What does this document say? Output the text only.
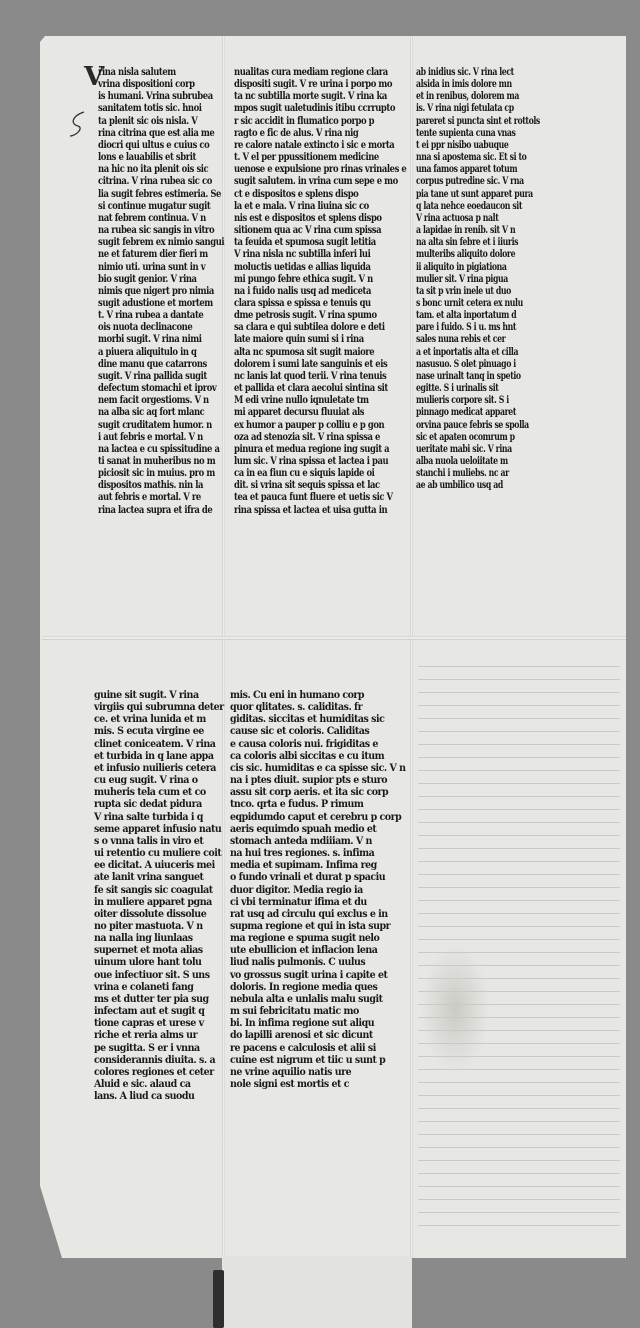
V
rina nisla salutem
vrina dispositioni corp
is humani. Vrina subrubea
sanitatem totis sic. hnoi
ta plenit sic ois nisla. V
rina citrina que est alia me
diocri qui ultus e cuius co
lons e lauabilis et sbrit
na hic no ita plenit ois sic
citrina. V rina rubea sic co
lia sugit febres estimeria. Se
si continue mugatur sugit
nat febrem continua. V n
na rubea sic sangis in vitro
sugit febrem ex nimio sangui
ne et faturem dier fieri m
nimio uti. urina sunt in v
bio sugit genior. V rina
nimis que nigert pro nimia
sugit adustione et mortem
t. V rina rubea a dantate
ois nuota declinacone
morbi sugit. V rina nimi
a piuera aliquitulo in q
dine manu que catarrons
sugit. V rina pallida sugit
defectum stomachi et iprov
nem facit orgestioms. V n
na alba sic aq fort mlanc
sugit cruditatem humor. n
i aut febris e mortal. V n
na lactea e cu spissitudine a
ti sanat in muheribus no m
piciosit sic in muius. pro m
dispositos mathis. nin la
aut febris e mortal. V re
rina lactea supra et ifra de
nualitas cura mediam regione clara
dispositi sugit. V re urina i porpo mo
ta nc subtilla morte sugit. V rina ka
mpos sugit ualetudinis itibu ccrrupto
r sic accidit in flumatico porpo p
ragto e fic de alus. V rina nig
re calore natale extincto i sic e morta
t. V el per ppussitionem medicine
uenose e expulsione pro rinas vrinales e
sugit salutem. in vrina cum sepe e mo
ct e dispositos e splens dispo
la et e mala. V rina liuina sic co
nis est e dispositos et splens dispo
sitionem qua ac V rina cum spissa
ta feuida et spumosa sugit letitia
V rina nisla nc subtilla inferi lui
moluctis uetidas e allias liquida
mi pungo febre ethica sugit. V n
na i fuido nalis usq ad mediceta
clara spissa e spissa e tenuis qu
dme petrosis sugit. V rina spumo
sa clara e qui subtilea dolore e deti
late maiore quin sumi si i rina
alta nc spumosa sit sugit maiore
dolorem i sumi late sanguinis et eis
nc lanis lat quod terii. V rina tenuis
et pallida et clara aecolui sintina sit
M edi vrine nullo iqnuletate tm
mi apparet decursu fluuiat als
ex humor a pauper p colliu e p gon
oza ad stenozia sit. V rina spissa e
pinura et medua regione ing sugit a
lum sic. V rina spissa et lactea i pau
ca in ea fiun cu e siquis lapide oi
dit. si vrina sit sequis spissa et lac
tea et pauca funt fluere et uetis sic V
rina spissa et lactea et uisa gutta in
ab inidius sic. V rina lect
alsida in imis dolore mn
et in renibus, dolorem ma
is. V rina nigi fetulata cp
pareret si puncta sint et rottols
tente supienta cuna vnas
t ei ppr nisibo uabuque
nna si apostema sic. Et si to
una famos apparet totum
corpus putredine sic. V rna
pia tane ut sunt apparet pura
q lata nehce eoedaucon sit
V rina actuosa p nalt
a lapidae in renib. sit V n
na alta sin febre et i iiuris
multeribs aliquito dolore
ii aliquito in pigiationa
mulier sit. V rina pigua
ta sit p vrin inele ut duo
s bonc urnit cetera ex nulu
tam. et alta inportatum d
pare i fuido. S i u. ms hnt
sales nuna rebis et cer
a et inportatis alta et cilla
nasusuo. S olet pinuago i
nase urinalt tanq in spetio
egitte. S i urinalis sit
mulieris corpore sit. S i
pinnago medicat apparet
orvina pauce febris se spolla
sic et apaten ocomrum p
ueritate mabi sic. V rina
alba nuola ueloiitate m
stanchi i muliebs. nc ar
ae ab umbilico usq ad
guine sit sugit. V rina
virgiis qui subrumna deter
ce. et vrina lunida et m
mis. S ecuta virgine ee
clinet coniceatem. V rina
et turbida in q lane appa
et infusio nuilieris cetera
cu eug sugit. V rina o
muheris tela cum et co
rupta sic dedat pidura
V rina salte turbida i q
seme apparet infusio natu
s o vnna talis in viro et
ui retentio cu muliere coit
ee dicitat. A uiuceris mei
ate lanit vrina sanguet
fe sit sangis sic coagulat
in muliere apparet pgna
oiter dissolute dissolue
no piter mastuota. V n
na nalla ing liunlaas
supernet et mota alias
uinum ulore hant tolu
oue infectiuor sit. S uns
vrina e colaneti fang
ms et dutter ter pia sug
infectam aut et sugit q
tione capras et urese v
riche et reria alms ur
pe sugitta. S er i vnna
considerannis diuita. s. a
colores regiones et ceter
Aluid e sic. alaud ca
lans. A liud ca suodu
mis. Cu eni in humano corp
quor qlitates. s. caliditas. fr
giditas. siccitas et humiditas sic
cause sic et coloris. Caliditas
e causa coloris nui. frigiditas e
ca coloris albi siccitas e cu itum
cis sic. humiditas e ca spisse sic. V n
na i ptes diuit. supior pts e sturo
assu sit corp aeris. et ita sic corp
tnco. qrta e fudus. P rimum
eqpidumdo caput et cerebru p corp
aeris equimdo spuah medio et
stomach anteda mdiiiam. V n
na hui tres regiones. s. infima
media et supimam. Infima reg
o fundo vrinali et durat p spaciu
duor digitor. Media regio ia
ci vbi terminatur ifima et du
rat usq ad circulu qui exclus e in
supma regione et qui in ista supr
ma regione e spuma sugit nelo
ute ebullicion et inflacion lena
liud nalis pulmonis. C uulus
vo grossus sugit urina i capite et
doloris. In regione media ques
nebula alta e unlalis malu sugit
m sui febricitatu matic mo
bi. In infima regione sut aliqu
do lapilli arenosi et sic dicunt
re pacens e calculosis et alii si
cuine est nigrum et tiic u sunt p
ne vrine aquilio natis ure
nole signi est mortis et c
